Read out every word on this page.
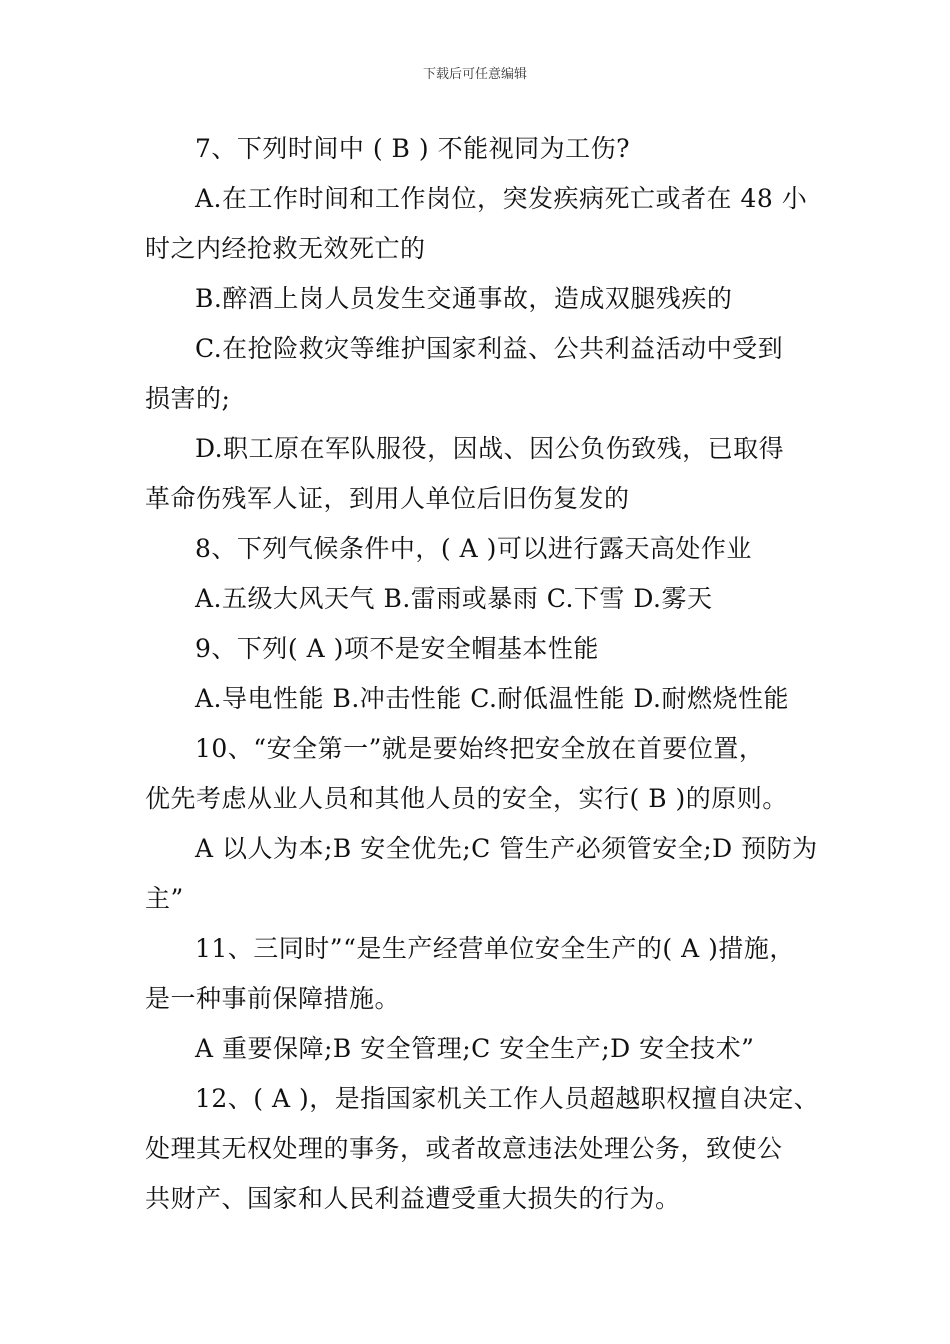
下载后可任意编辑
7、下列时间中 ( B ) 不能视同为工伤?
A.在工作时间和工作岗位，突发疾病死亡或者在 48 小
时之内经抢救无效死亡的
B.醉酒上岗人员发生交通事故，造成双腿残疾的
C.在抢险救灾等维护国家利益、公共利益活动中受到
损害的;
D.职工原在军队服役，因战、因公负伤致残，已取得
革命伤残军人证，到用人单位后旧伤复发的
8、下列气候条件中，( A )可以进行露天高处作业
A.五级大风天气 B.雷雨或暴雨 C.下雪 D.雾天
9、下列( A )项不是安全帽基本性能
A.导电性能 B.冲击性能 C.耐低温性能 D.耐燃烧性能
10、“安全第一”就是要始终把安全放在首要位置，
优先考虑从业人员和其他人员的安全，实行( B )的原则。
A 以人为本;B 安全优先;C 管生产必须管安全;D 预防为
主”
11、三同时”“是生产经营单位安全生产的( A )措施，
是一种事前保障措施。
A 重要保障;B 安全管理;C 安全生产;D 安全技术”
12、( A )，是指国家机关工作人员超越职权擅自决定、
处理其无权处理的事务，或者故意违法处理公务，致使公
共财产、国家和人民利益遭受重大损失的行为。
